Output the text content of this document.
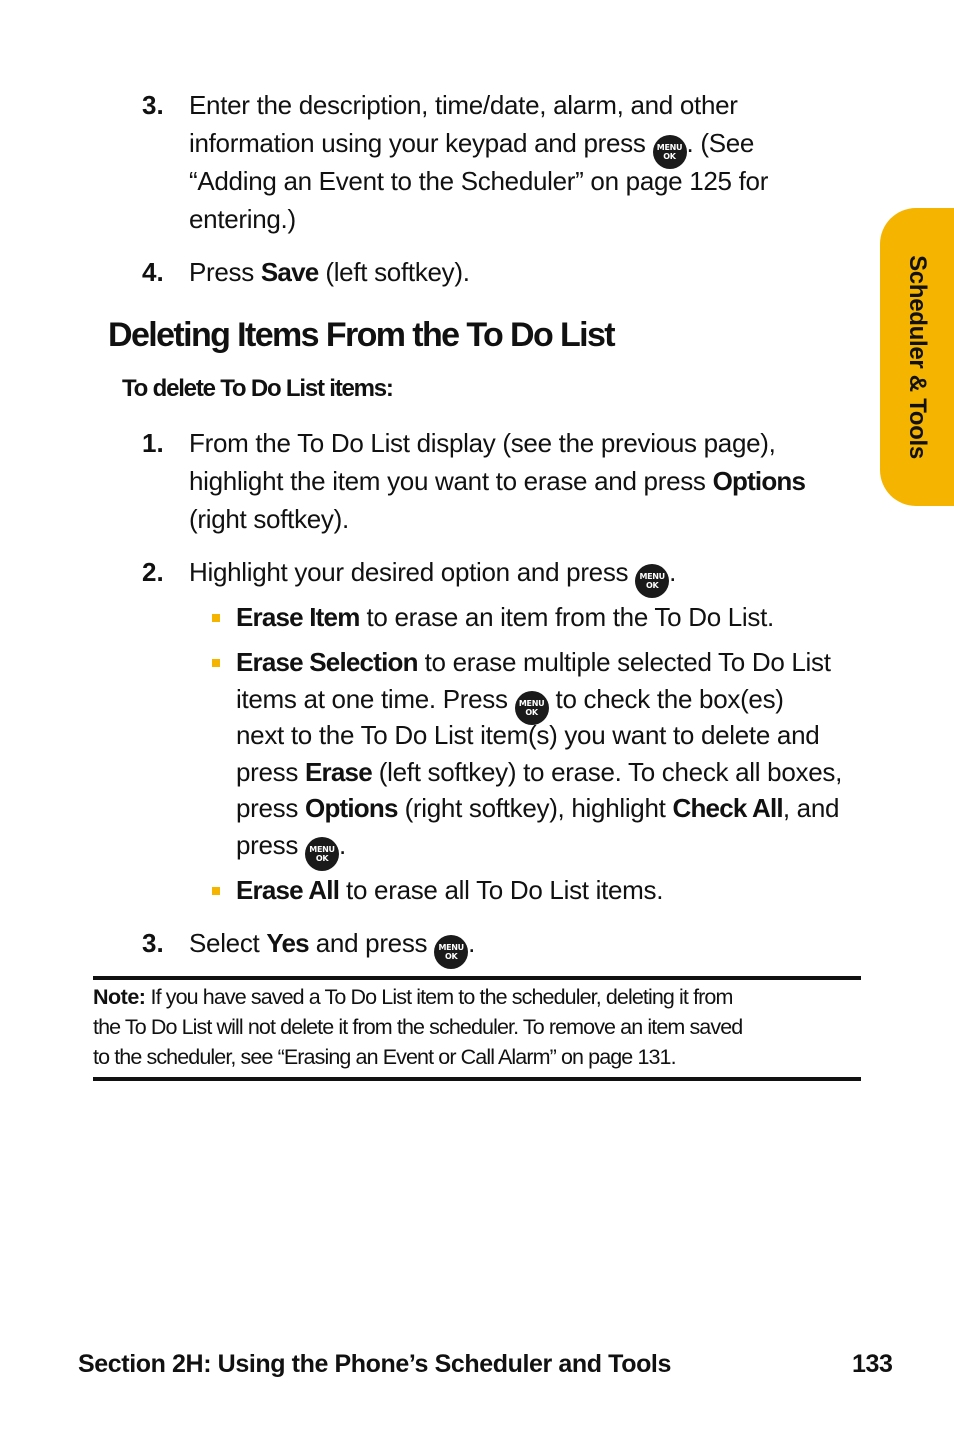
Scheduler & Tools
3. Enter the description, time/date, alarm, and other
information using your keypad and press MENU
OK . (See
“Adding an Event to the Scheduler” on page 125 for
entering.)
4. Press Save (left softkey).
Deleting Items From the To Do List
To delete To Do List items:
1. From the To Do List display (see the previous page),
highlight the item you want to erase and press Options
(right softkey).
2. Highlight your desired option and press MENU
OK .
Erase Item to erase an item from the To Do List.
Erase Selection to erase multiple selected To Do List
items at one time. Press MENU
OK to check the box(es)
next to the To Do List item(s) you want to delete and
press Erase (left softkey) to erase. To check all boxes,
press Options (right softkey), highlight Check All, and
press MENU
OK .
Erase All to erase all To Do List items.
3. Select Yes and press MENU
OK .
Note: If you have saved a To Do List item to the scheduler, deleting it from
the To Do List will not delete it from the scheduler. To remove an item saved
to the scheduler, see “Erasing an Event or Call Alarm” on page 131.
Section 2H: Using the Phone’s Scheduler and Tools	133
